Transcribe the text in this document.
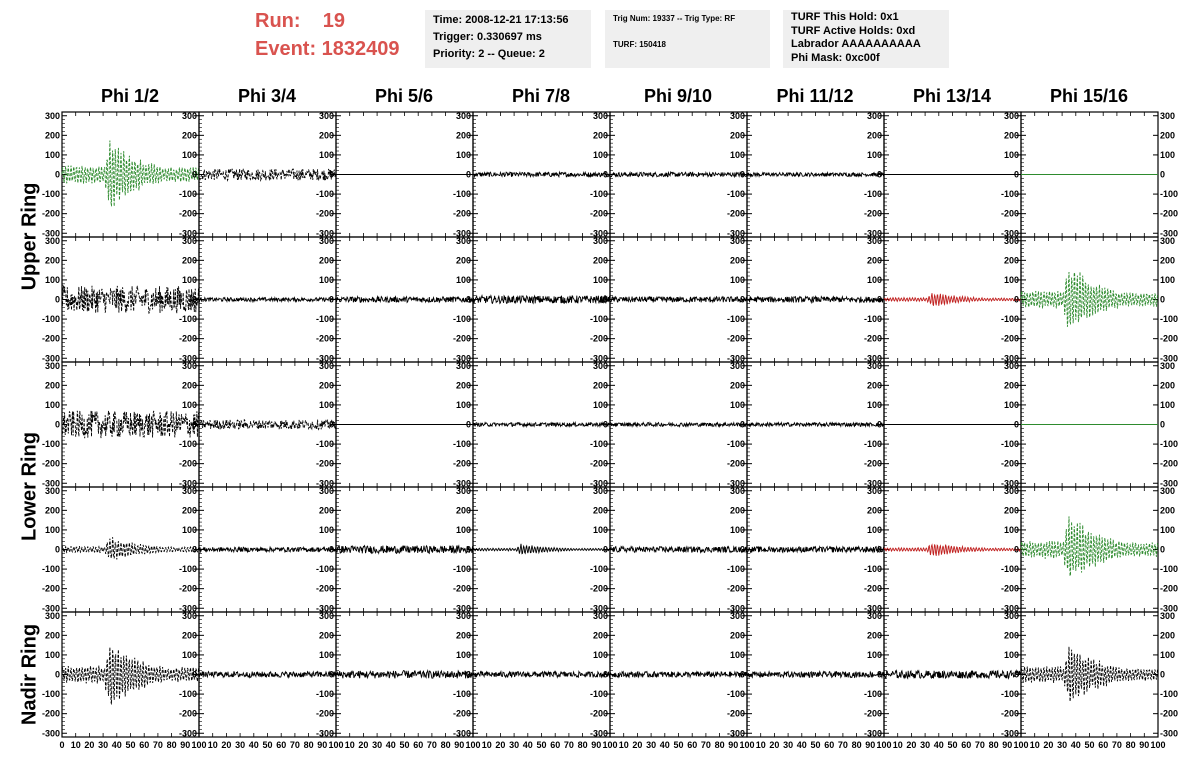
Run:    19
Event: 1832409
Time: 2008-12-21 17:13:56
Trigger: 0.330697 ms
Priority: 2 -- Queue: 2
Trig Num: 19337 -- Trig Type: RF
TURF: 150418
TURF This Hold: 0x1
TURF Active Holds: 0xd
Labrador AAAAAAAAAA
Phi Mask: 0xc00f
Phi 1/2	Phi 3/4	Phi 5/6	Phi 7/8	Phi 9/10	Phi 11/12	Phi 13/14	Phi 15/16
Upper Ring
Lower Ring
Nadir Ring
-300
-200
-100
0
100
200
300
-300
-200
-100
0
100
200
300
-300
-200
-100
0
100
200
300
-300
-200
-100
0
100
200
300
-300
-200
-100
0
100
200
300
-300
-200
-100
0
100
200
300
-300
-200
-100
0
100
200
300
-300	-300
-200	-200
-100	-100
0	0
100	100
200	200
300	300
-300
-200
-100
0
100
200
300
-300
-200
-100
0
100
200
300
-300
-200
-100
0
100
200
300
-300
-200
-100
0
100
200
300
-300
-200
-100
0
100
200
300
-300
-200
-100
0
100
200
300
-300
-200
-100
0
100
200
300
-300	-300
-200	-200
-100	-100
0	0
100	100
200	200
300	300
-300
-200
-100
0
100
200
300
-300
-200
-100
0
100
200
300
-300
-200
-100
0
100
200
300
-300
-200
-100
0
100
200
300
-300
-200
-100
0
100
200
300
-300
-200
-100
0
100
200
300
-300
-200
-100
0
100
200
300
-300	-300
-200	-200
-100	-100
0	0
100	100
200	200
300	300
-300
-200
-100
0
100
200
300
-300
-200
-100
0
100
200
300
-300
-200
-100
0
100
200
300
-300
-200
-100
0
100
200
300
-300
-200
-100
0
100
200
300
-300
-200
-100
0
100
200
300
-300
-200
-100
0
100
200
300
-300	-300
-200	-200
-100	-100
0	0
100	100
200	200
300	300
-300
-200
-100
0
100
200
300
0 10 20 30 40 50 60 70 80 90 100
-300
-200
-100
0
100
200
300
10 20 30 40 50 60 70 80 90 100
-300
-200
-100
0
100
200
300
10 20 30 40 50 60 70 80 90 100
-300
-200
-100
0
100
200
300
10 20 30 40 50 60 70 80 90 100
-300
-200
-100
0
100
200
300
10 20 30 40 50 60 70 80 90 100
-300
-200
-100
0
100
200
300
10 20 30 40 50 60 70 80 90 100
-300
-200
-100
0
100
200
300
10 20 30 40 50 60 70 80 90 100
-300	-300
-200	-200
-100	-100
0	0
100	100
200	200
300	300
10 20 30 40 50 60 70 80 90 100
